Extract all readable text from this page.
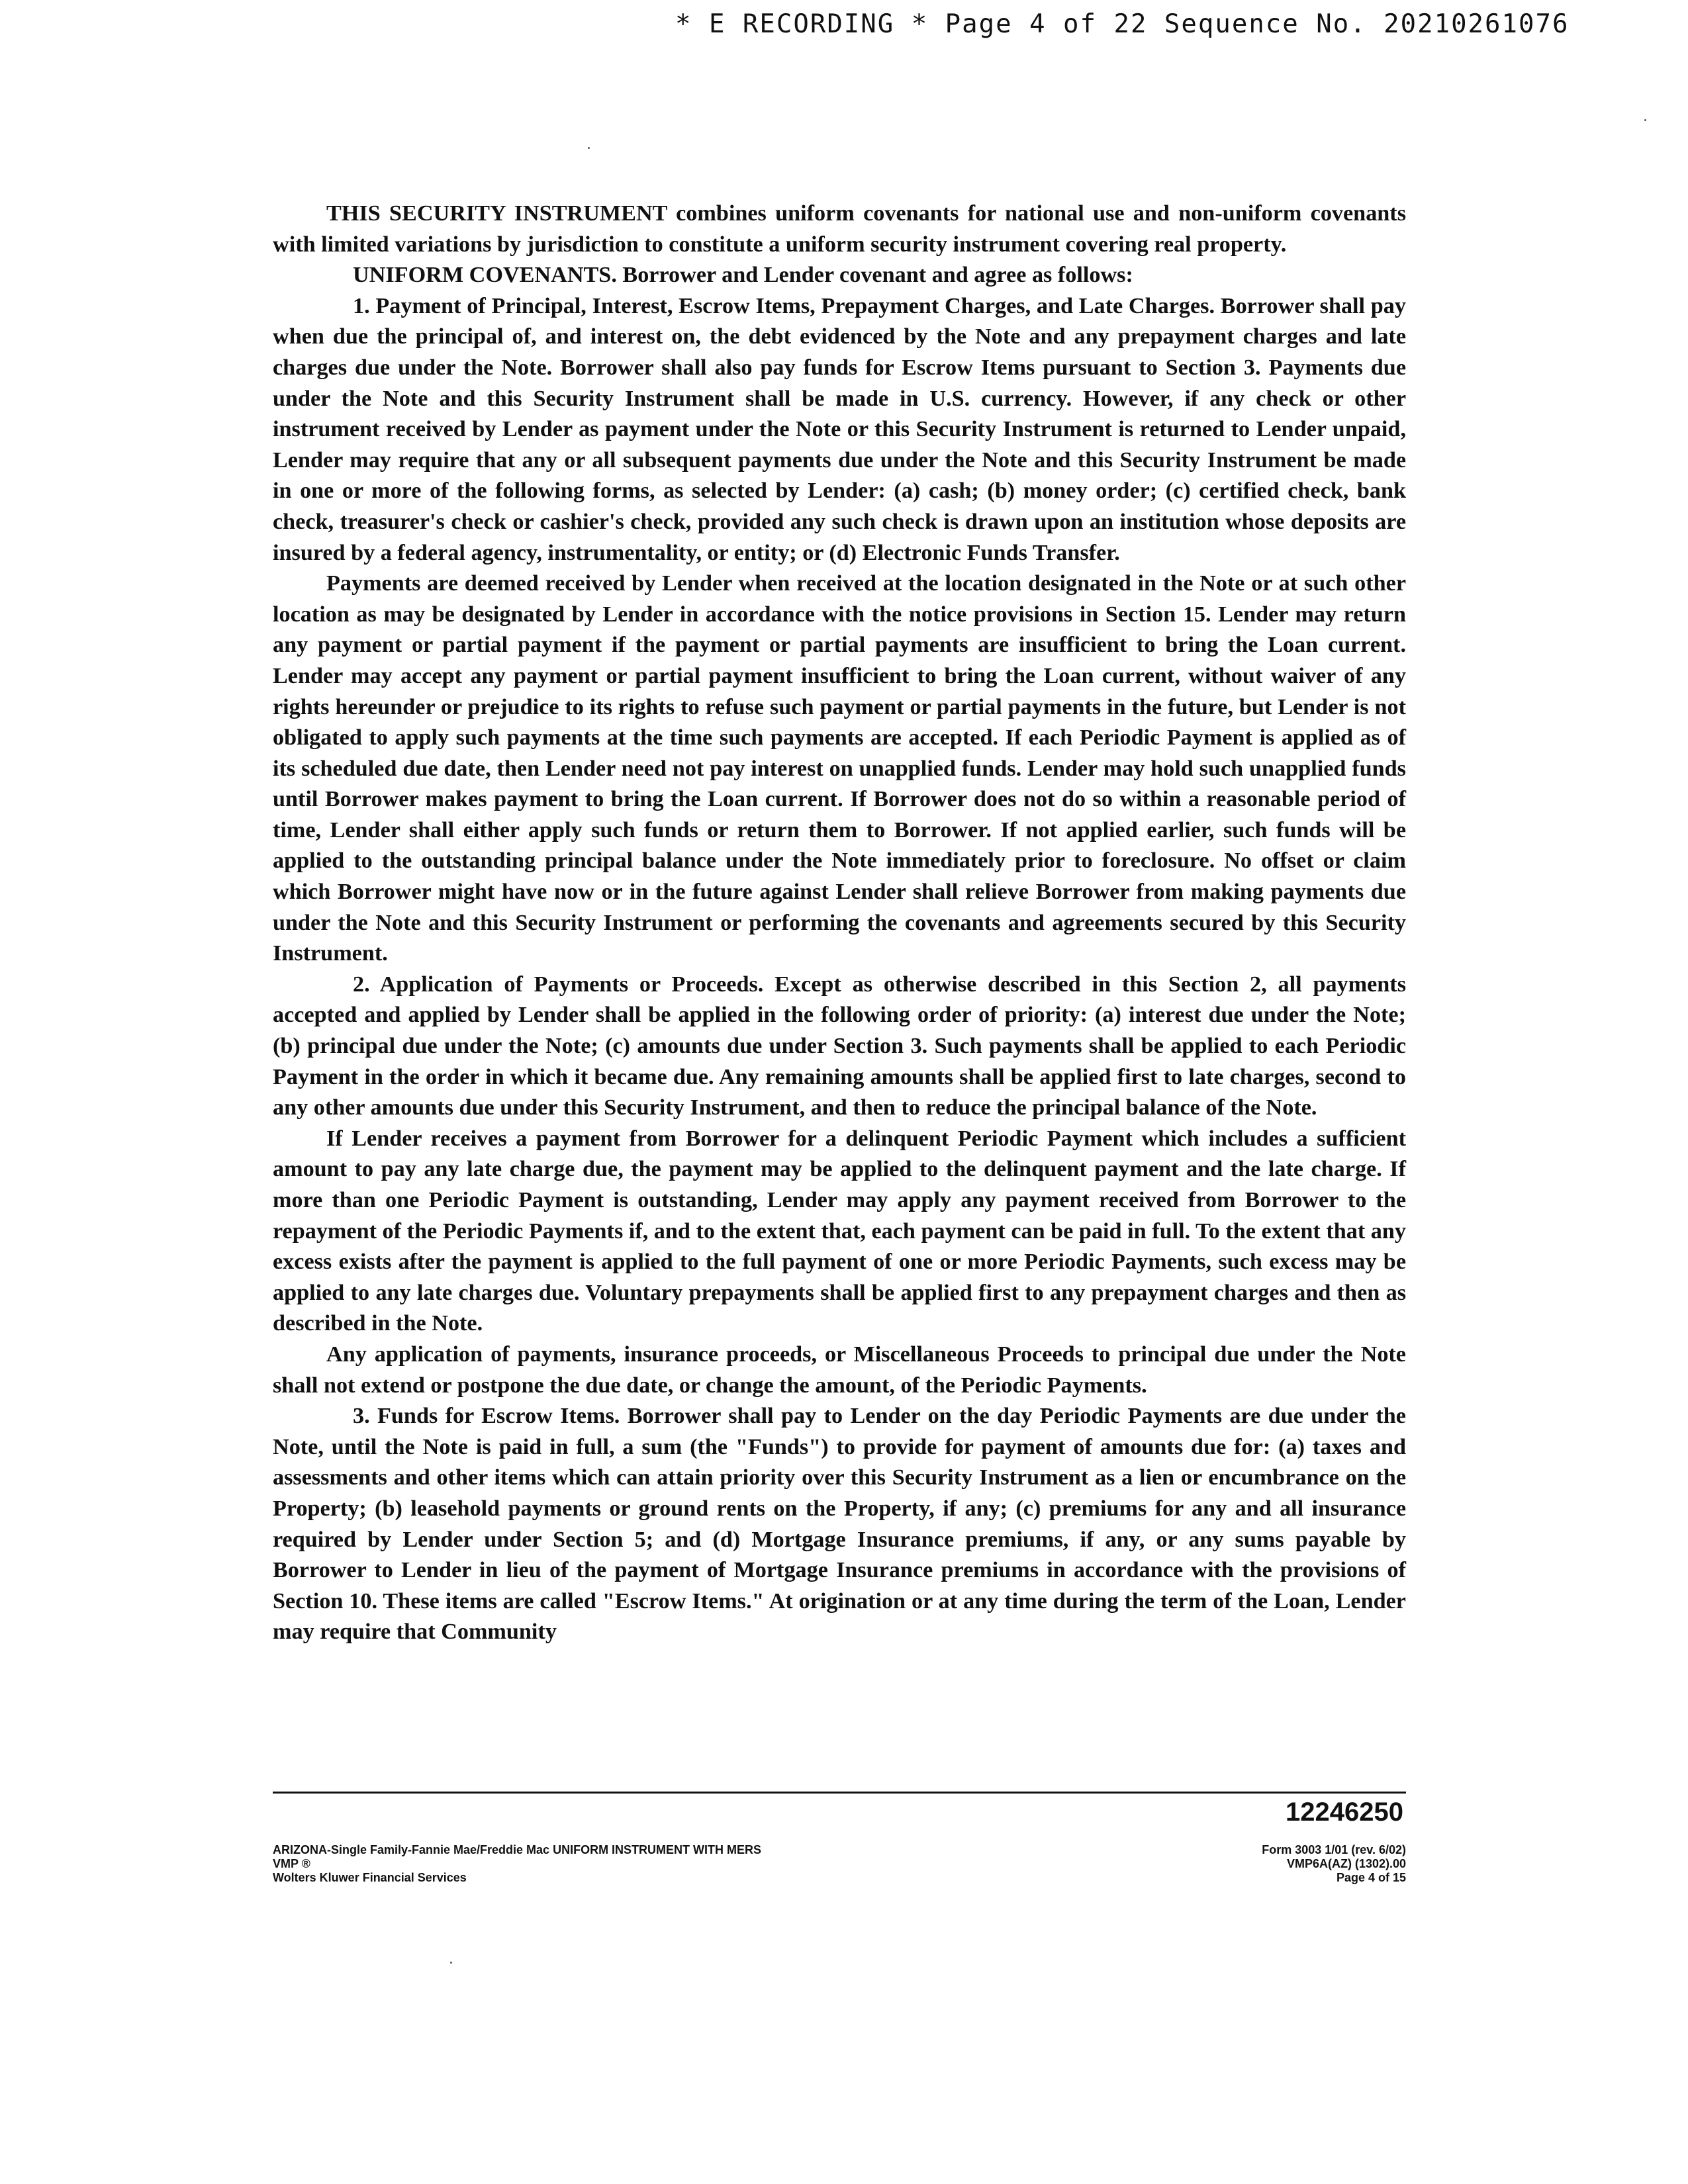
* E RECORDING * Page 4 of 22 Sequence No. 20210261076

THIS SECURITY INSTRUMENT combines uniform covenants for national use and non-uniform covenants with limited variations by jurisdiction to constitute a uniform security instrument covering real property.

UNIFORM COVENANTS. Borrower and Lender covenant and agree as follows:

1. Payment of Principal, Interest, Escrow Items, Prepayment Charges, and Late Charges. Borrower shall pay when due the principal of, and interest on, the debt evidenced by the Note and any prepayment charges and late charges due under the Note. Borrower shall also pay funds for Escrow Items pursuant to Section 3. Payments due under the Note and this Security Instrument shall be made in U.S. currency. However, if any check or other instrument received by Lender as payment under the Note or this Security Instrument is returned to Lender unpaid, Lender may require that any or all subsequent payments due under the Note and this Security Instrument be made in one or more of the following forms, as selected by Lender: (a) cash; (b) money order; (c) certified check, bank check, treasurer's check or cashier's check, provided any such check is drawn upon an institution whose deposits are insured by a federal agency, instrumentality, or entity; or (d) Electronic Funds Transfer.

Payments are deemed received by Lender when received at the location designated in the Note or at such other location as may be designated by Lender in accordance with the notice provisions in Section 15. Lender may return any payment or partial payment if the payment or partial payments are insufficient to bring the Loan current. Lender may accept any payment or partial payment insufficient to bring the Loan current, without waiver of any rights hereunder or prejudice to its rights to refuse such payment or partial payments in the future, but Lender is not obligated to apply such payments at the time such payments are accepted. If each Periodic Payment is applied as of its scheduled due date, then Lender need not pay interest on unapplied funds. Lender may hold such unapplied funds until Borrower makes payment to bring the Loan current. If Borrower does not do so within a reasonable period of time, Lender shall either apply such funds or return them to Borrower. If not applied earlier, such funds will be applied to the outstanding principal balance under the Note immediately prior to foreclosure. No offset or claim which Borrower might have now or in the future against Lender shall relieve Borrower from making payments due under the Note and this Security Instrument or performing the covenants and agreements secured by this Security Instrument.

2. Application of Payments or Proceeds. Except as otherwise described in this Section 2, all payments accepted and applied by Lender shall be applied in the following order of priority: (a) interest due under the Note; (b) principal due under the Note; (c) amounts due under Section 3. Such payments shall be applied to each Periodic Payment in the order in which it became due. Any remaining amounts shall be applied first to late charges, second to any other amounts due under this Security Instrument, and then to reduce the principal balance of the Note.

If Lender receives a payment from Borrower for a delinquent Periodic Payment which includes a sufficient amount to pay any late charge due, the payment may be applied to the delinquent payment and the late charge. If more than one Periodic Payment is outstanding, Lender may apply any payment received from Borrower to the repayment of the Periodic Payments if, and to the extent that, each payment can be paid in full. To the extent that any excess exists after the payment is applied to the full payment of one or more Periodic Payments, such excess may be applied to any late charges due. Voluntary prepayments shall be applied first to any prepayment charges and then as described in the Note.

Any application of payments, insurance proceeds, or Miscellaneous Proceeds to principal due under the Note shall not extend or postpone the due date, or change the amount, of the Periodic Payments.

3. Funds for Escrow Items. Borrower shall pay to Lender on the day Periodic Payments are due under the Note, until the Note is paid in full, a sum (the "Funds") to provide for payment of amounts due for: (a) taxes and assessments and other items which can attain priority over this Security Instrument as a lien or encumbrance on the Property; (b) leasehold payments or ground rents on the Property, if any; (c) premiums for any and all insurance required by Lender under Section 5; and (d) Mortgage Insurance premiums, if any, or any sums payable by Borrower to Lender in lieu of the payment of Mortgage Insurance premiums in accordance with the provisions of Section 10. These items are called "Escrow Items." At origination or at any time during the term of the Loan, Lender may require that Community

12246250
ARIZONA-Single Family-Fannie Mae/Freddie Mac UNIFORM INSTRUMENT WITH MERS
VMP ®
Wolters Kluwer Financial Services
Form 3003 1/01 (rev. 6/02)
VMP6A(AZ) (1302).00
Page 4 of 15
